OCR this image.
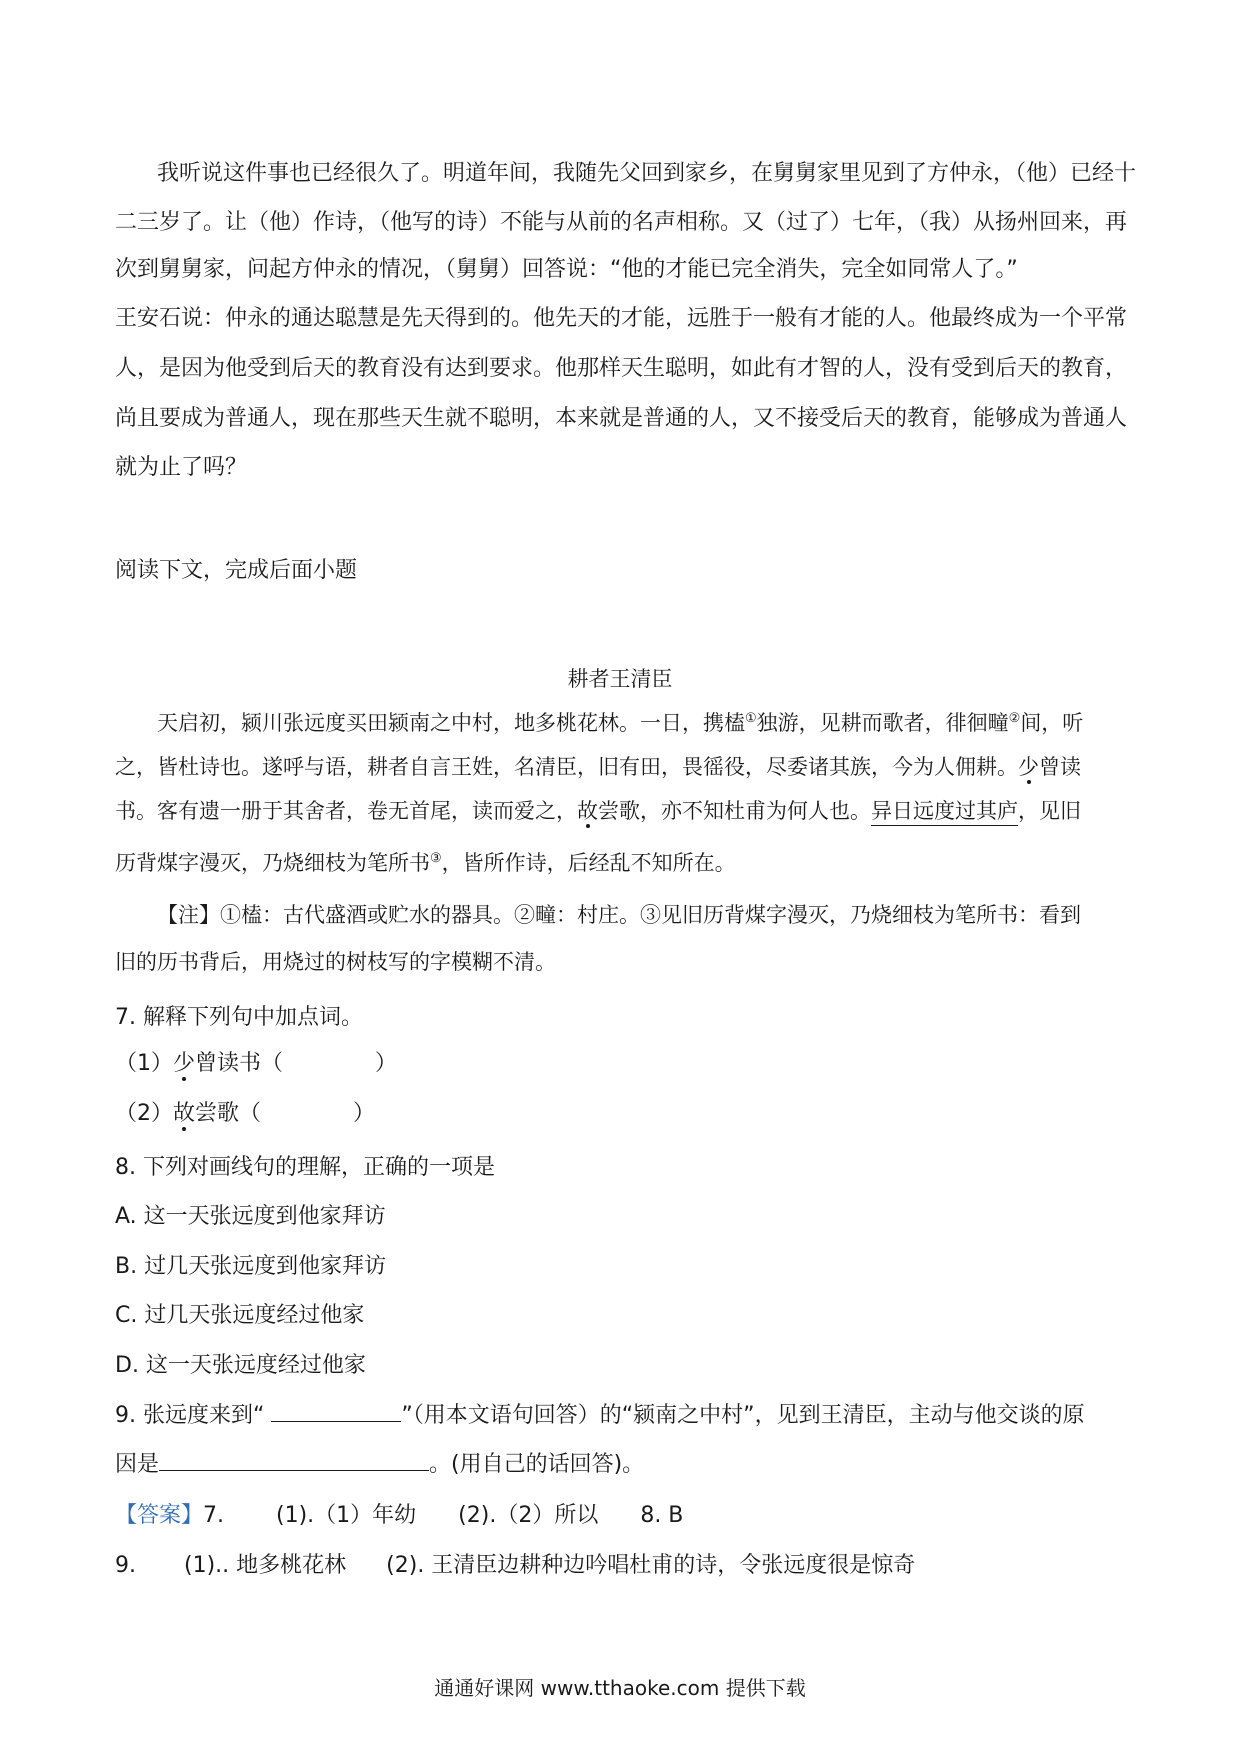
我听说这件事也已经很久了。明道年间，我随先父回到家乡，在舅舅家里见到了方仲永，（他）已经十
二三岁了。让（他）作诗，（他写的诗）不能与从前的名声相称。又（过了）七年，（我）从扬州回来，再
次到舅舅家，问起方仲永的情况，（舅舅）回答说：“他的才能已完全消失，完全如同常人了。”
王安石说：仲永的通达聪慧是先天得到的。他先天的才能，远胜于一般有才能的人。他最终成为一个平常
人，是因为他受到后天的教育没有达到要求。他那样天生聪明，如此有才智的人，没有受到后天的教育，
尚且要成为普通人，现在那些天生就不聪明，本来就是普通的人，又不接受后天的教育，能够成为普通人
就为止了吗？
阅读下文，完成后面小题
耕者王清臣
天启初，颍川张远度买田颍南之中村，地多桃花林。一日，携榼①独游，见耕而歌者，徘徊疃②间，听
之，皆杜诗也。遂呼与语，耕者自言王姓，名清臣，旧有田，畏徭役，尽委诸其族，今为人佣耕。少曾读
书。客有遗一册于其舍者，卷无首尾，读而爱之，故尝歌，亦不知杜甫为何人也。异日远度过其庐，见旧
历背煤字漫灭，乃烧细枝为笔所书③，皆所作诗，后经乱不知所在。
【注】①榼：古代盛酒或贮水的器具。②疃：村庄。③见旧历背煤字漫灭，乃烧细枝为笔所书：看到
旧的历书背后，用烧过的树枝写的字模糊不清。
7. 解释下列句中加点词。
（1）少曾读书（	）
（2）故尝歌（	）
8. 下列对画线句的理解，正确的一项是
A. 这一天张远度到他家拜访
B. 过几天张远度到他家拜访
C. 过几天张远度经过他家
D. 这一天张远度经过他家
9. 张远度来到“	”（用本文语句回答）的“颍南之中村”，见到王清臣，主动与他交谈的原
因是	。(用自己的话回答)。
【答案】7. (1).（1）年幼 (2).（2）所以 8. B
9. (1).. 地多桃花林 (2). 王清臣边耕种边吟唱杜甫的诗，令张远度很是惊奇
通通好课网 www.tthaoke.com 提供下载
